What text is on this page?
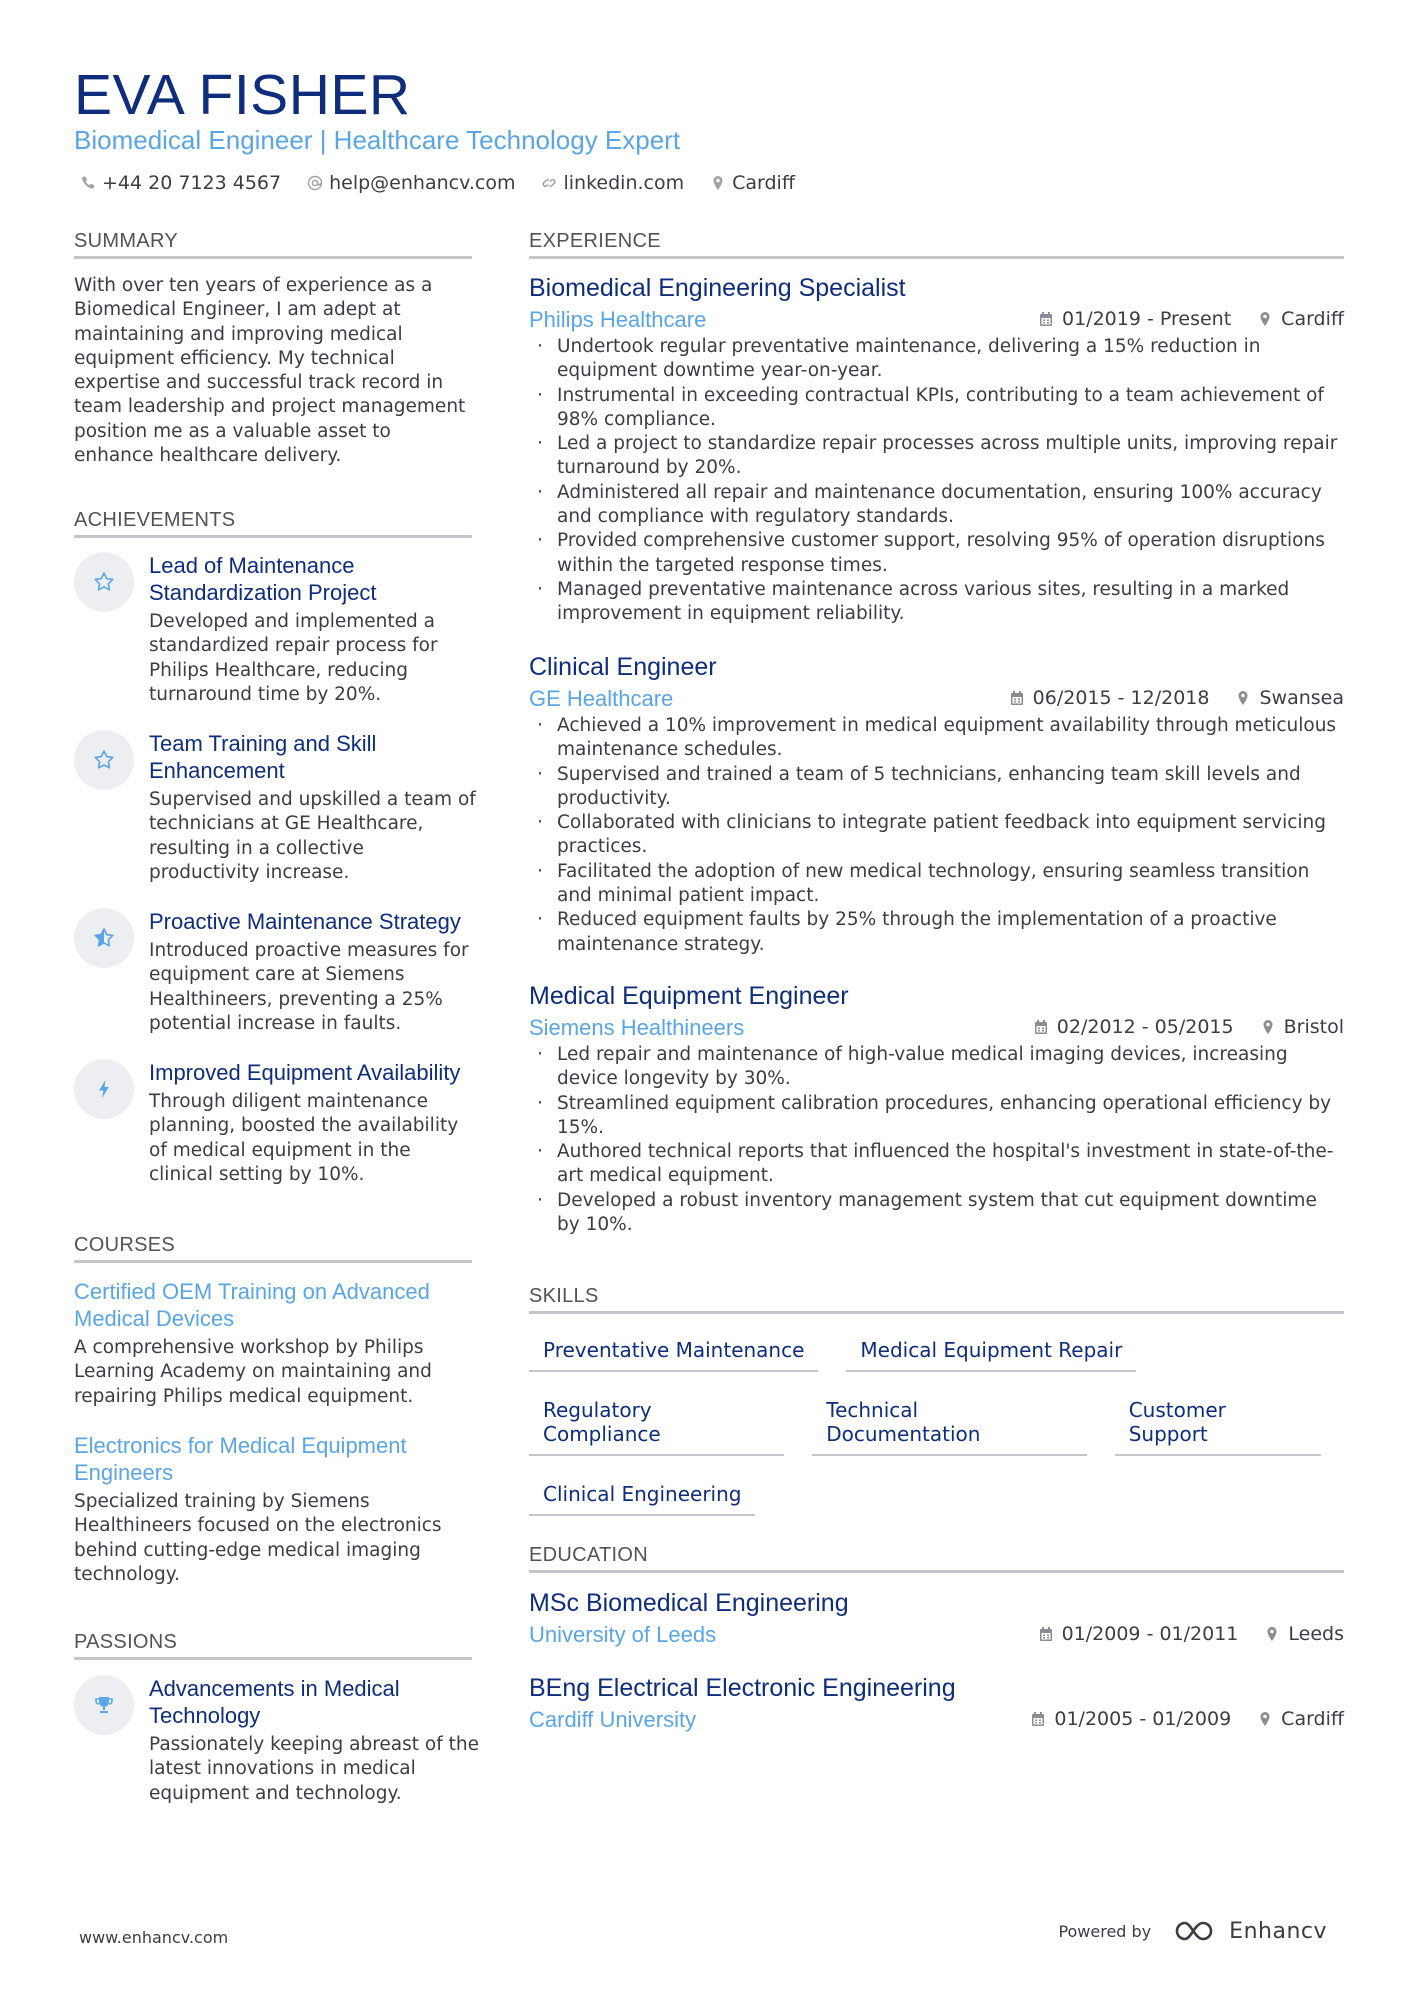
EVA FISHER
Biomedical Engineer | Healthcare Technology Expert
+44 20 7123 4567	help@enhancv.com	linkedin.com	Cardiff
SUMMARY
With over ten years of experience as a Biomedical Engineer, I am adept at maintaining and improving medical equipment efficiency. My technical expertise and successful track record in team leadership and project management position me as a valuable asset to enhance healthcare delivery.
ACHIEVEMENTS
Lead of Maintenance Standardization Project
Developed and implemented a standardized repair process for Philips Healthcare, reducing turnaround time by 20%.
Team Training and Skill Enhancement
Supervised and upskilled a team of technicians at GE Healthcare, resulting in a collective productivity increase.
Proactive Maintenance Strategy
Introduced proactive measures for equipment care at Siemens Healthineers, preventing a 25% potential increase in faults.
Improved Equipment Availability
Through diligent maintenance planning, boosted the availability of medical equipment in the clinical setting by 10%.
COURSES
Certified OEM Training on Advanced Medical Devices
A comprehensive workshop by Philips Learning Academy on maintaining and repairing Philips medical equipment.
Electronics for Medical Equipment Engineers
Specialized training by Siemens Healthineers focused on the electronics behind cutting-edge medical imaging technology.
PASSIONS
Advancements in Medical Technology
Passionately keeping abreast of the latest innovations in medical equipment and technology.
EXPERIENCE
Biomedical Engineering Specialist
Philips Healthcare	01/2019 - Present	Cardiff
· Undertook regular preventative maintenance, delivering a 15% reduction in equipment downtime year-on-year.
· Instrumental in exceeding contractual KPIs, contributing to a team achievement of 98% compliance.
· Led a project to standardize repair processes across multiple units, improving repair turnaround by 20%.
· Administered all repair and maintenance documentation, ensuring 100% accuracy and compliance with regulatory standards.
· Provided comprehensive customer support, resolving 95% of operation disruptions within the targeted response times.
· Managed preventative maintenance across various sites, resulting in a marked improvement in equipment reliability.
Clinical Engineer
GE Healthcare	06/2015 - 12/2018	Swansea
· Achieved a 10% improvement in medical equipment availability through meticulous maintenance schedules.
· Supervised and trained a team of 5 technicians, enhancing team skill levels and productivity.
· Collaborated with clinicians to integrate patient feedback into equipment servicing practices.
· Facilitated the adoption of new medical technology, ensuring seamless transition and minimal patient impact.
· Reduced equipment faults by 25% through the implementation of a proactive maintenance strategy.
Medical Equipment Engineer
Siemens Healthineers	02/2012 - 05/2015	Bristol
· Led repair and maintenance of high-value medical imaging devices, increasing device longevity by 30%.
· Streamlined equipment calibration procedures, enhancing operational efficiency by 15%.
· Authored technical reports that influenced the hospital's investment in state-of-the-art medical equipment.
· Developed a robust inventory management system that cut equipment downtime by 10%.
SKILLS
Preventative Maintenance	Medical Equipment Repair
Regulatory Compliance
Technical Documentation
Customer Support
Clinical Engineering
EDUCATION
MSc Biomedical Engineering
University of Leeds	01/2009 - 01/2011	Leeds
BEng Electrical Electronic Engineering
Cardiff University	01/2005 - 01/2009	Cardiff
www.enhancv.com	Powered by	Enhancv
